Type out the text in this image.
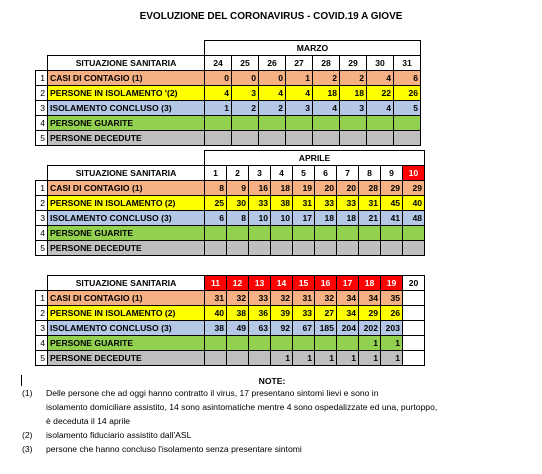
EVOLUZIONE DEL CORONAVIRUS - COVID.19 A GIOVE
		MARZO							
	SITUAZIONE SANITARIA	24	25	26	27	28	29	30	31
1	CASI DI CONTAGIO (1)	0	0	0	1	2	2	4	6
2	PERSONE IN ISOLAMENTO '(2)	4	3	4	4	18	18	22	26
3	ISOLAMENTO CONCLUSO (3)	1	2	2	3	4	3	4	5
4	PERSONE GUARITE								
5	PERSONE DECEDUTE								
		APRILE									
	SITUAZIONE SANITARIA	1	2	3	4	5	6	7	8	9	10
1	CASI DI CONTAGIO (1)	8	9	16	18	19	20	20	28	29	29
2	PERSONE IN ISOLAMENTO (2)	25	30	33	38	31	33	33	31	45	40
3	ISOLAMENTO CONCLUSO (3)	6	8	10	10	17	18	18	21	41	48
4	PERSONE GUARITE										
5	PERSONE DECEDUTE										
	SITUAZIONE SANITARIA	11	12	13	14	15	16	17	18	19	20
1	CASI DI CONTAGIO (1)	31	32	33	32	31	32	34	34	35	
2	PERSONE IN ISOLAMENTO (2)	40	38	36	39	33	27	34	29	26	
3	ISOLAMENTO CONCLUSO (3)	38	49	63	92	67	185	204	202	203	
4	PERSONE GUARITE								1	1	
5	PERSONE DECEDUTE				1	1	1	1	1	1	
NOTE:
(1)	Delle persone che ad oggi hanno contratto il virus, 17 presentano sintomi lievi e sono in
isolamento domiciliare assistito, 14 sono asintomatiche mentre 4 sono ospedalizzate ed una, purtoppo,
è deceduta il 14 aprile
(2)	isolamento fiduciario assistito dall'ASL
(3)	persone che hanno concluso l'isolamento senza presentare sintomi
